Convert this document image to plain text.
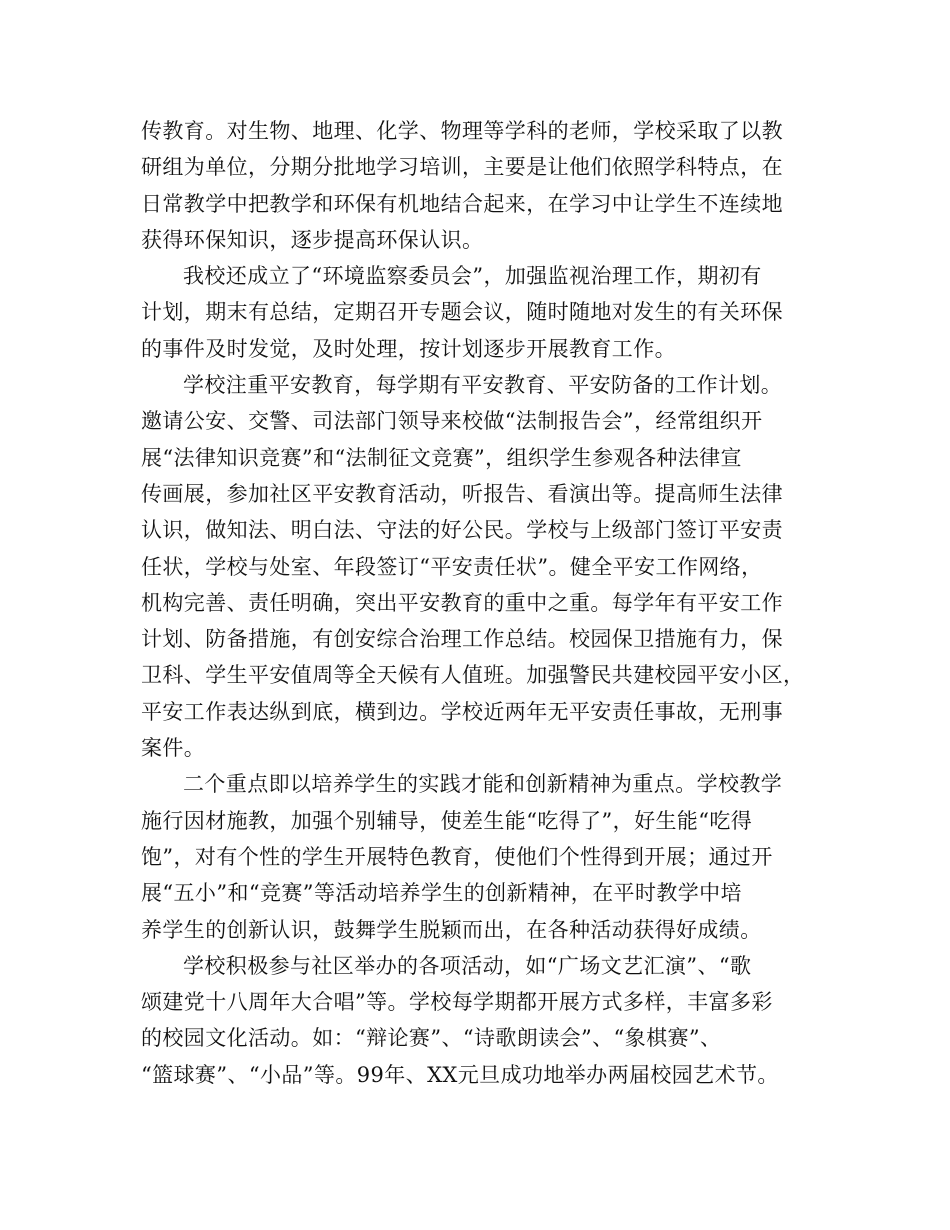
传教育。对生物、地理、化学、物理等学科的老师，学校采取了以教
研组为单位，分期分批地学习培训，主要是让他们依照学科特点，在
日常教学中把教学和环保有机地结合起来，在学习中让学生不连续地
获得环保知识，逐步提高环保认识。

我校还成立了“环境监察委员会”，加强监视治理工作，期初有
计划，期末有总结，定期召开专题会议，随时随地对发生的有关环保
的事件及时发觉，及时处理，按计划逐步开展教育工作。

学校注重平安教育，每学期有平安教育、平安防备的工作计划。
邀请公安、交警、司法部门领导来校做“法制报告会”，经常组织开
展“法律知识竞赛”和“法制征文竞赛”，组织学生参观各种法律宣
传画展，参加社区平安教育活动，听报告、看演出等。提高师生法律
认识，做知法、明白法、守法的好公民。学校与上级部门签订平安责
任状，学校与处室、年段签订“平安责任状”。健全平安工作网络，
机构完善、责任明确，突出平安教育的重中之重。每学年有平安工作
计划、防备措施，有创安综合治理工作总结。校园保卫措施有力，保
卫科、学生平安值周等全天候有人值班。加强警民共建校园平安小区，
平安工作表达纵到底，横到边。学校近两年无平安责任事故，无刑事
案件。

二个重点即以培养学生的实践才能和创新精神为重点。学校教学
施行因材施教，加强个别辅导，使差生能“吃得了”，好生能“吃得
饱”，对有个性的学生开展特色教育，使他们个性得到开展；通过开
展“五小”和“竞赛”等活动培养学生的创新精神，在平时教学中培
养学生的创新认识，鼓舞学生脱颖而出，在各种活动获得好成绩。

学校积极参与社区举办的各项活动，如“广场文艺汇演”、“歌
颂建党十八周年大合唱”等。学校每学期都开展方式多样，丰富多彩
的校园文化活动。如：“辩论赛”、“诗歌朗读会”、“象棋赛”、
“篮球赛”、“小品”等。99年、XX元旦成功地举办两届校园艺术节。
